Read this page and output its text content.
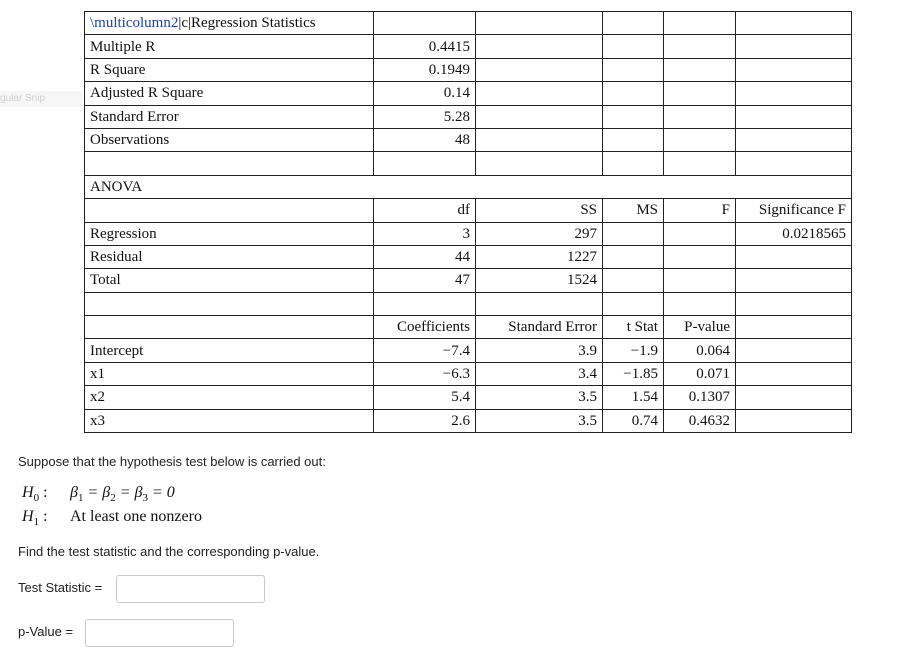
gular Snip
\multicolumn2|c|Regression Statistics					
Multiple R	0.4415				
R Square	0.1949				
Adjusted R Square	0.14				
Standard Error	5.28				
Observations	48				

ANOVA					
	df	SS	MS	F	Significance F
Regression	3	297			0.0218565
Residual	44	1227			
Total	47	1524			

	Coefficients	Standard Error	t Stat	P-value	
Intercept	−7.4	3.9	−1.9	0.064	
x1	−6.3	3.4	−1.85	0.071	
x2	5.4	3.5	1.54	0.1307	
x3	2.6	3.5	0.74	0.4632	
Suppose that the hypothesis test below is carried out:
$H_0$ : $\beta_1 = \beta_2 = \beta_3 = 0$
$H_1$ : At least one nonzero
Find the test statistic and the corresponding p-value.
Test Statistic =
p-Value =
